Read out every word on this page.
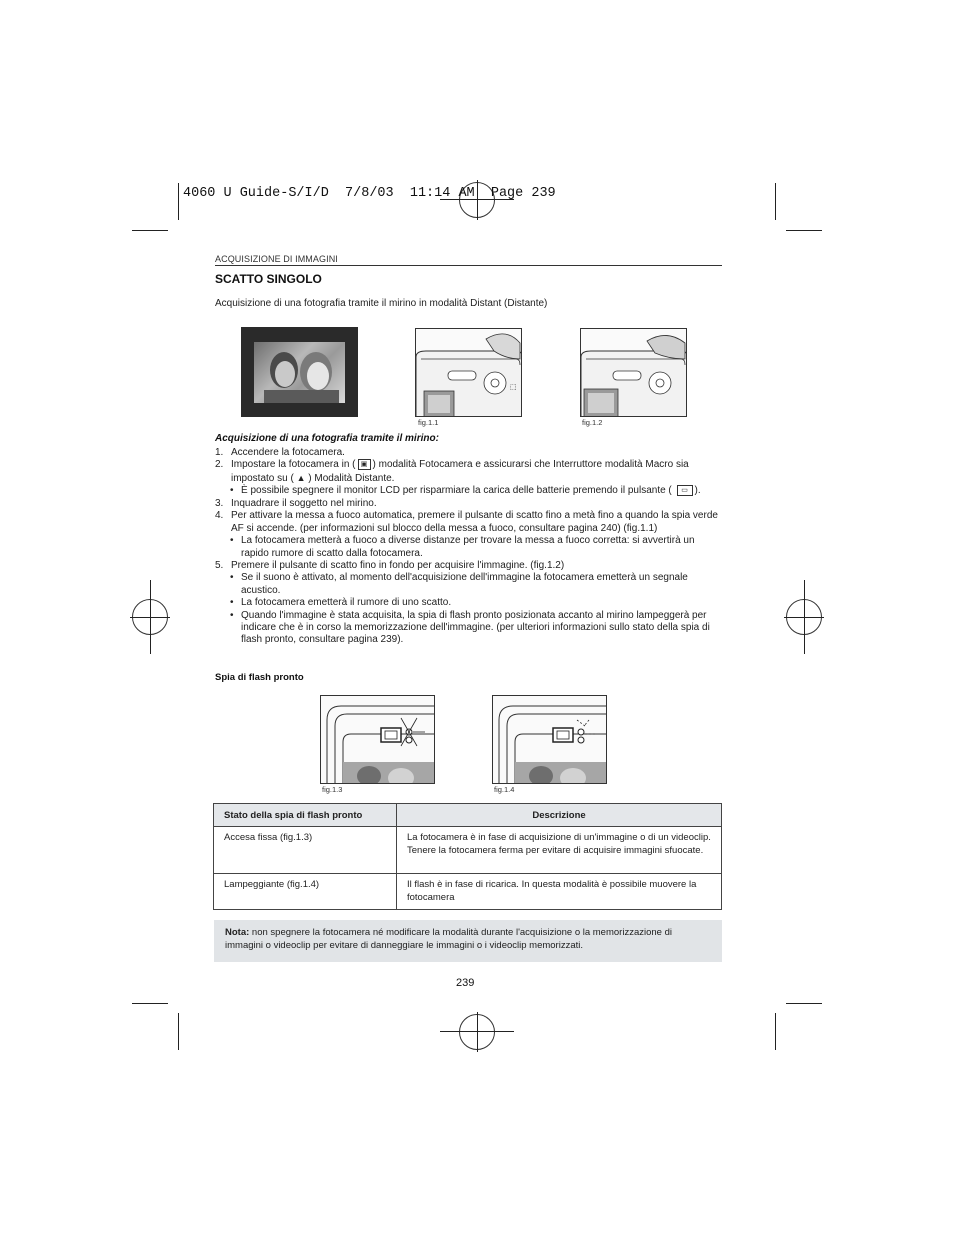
4060 U Guide-S/I/D  7/8/03  11:14 AM  Page 239
ACQUISIZIONE DI IMMAGINI
SCATTO SINGOLO
Acquisizione di una fotografia tramite il mirino in modalità Distant (Distante)
⬚
fig.1.1	fig.1.2
Acquisizione di una fotografia tramite il mirino:
1. Accendere la fotocamera.
2. Impostare la fotocamera in ( ▣ ) modalità Fotocamera e assicurarsi che Interruttore modalità Macro sia
impostato su ( ▲ ) Modalità Distante.
• È possibile spegnere il monitor LCD per risparmiare la carica delle batterie premendo il pulsante ( ▭ ).
3. Inquadrare il soggetto nel mirino.
4. Per attivare la messa a fuoco automatica, premere il pulsante di scatto fino a metà fino a quando la spia verde AF si accende. (per informazioni sul blocco della messa a fuoco, consultare pagina 240) (fig.1.1)
• La fotocamera metterà a fuoco a diverse distanze per trovare la messa a fuoco corretta: si avvertirà un rapido rumore di scatto dalla fotocamera.
5. Premere il pulsante di scatto fino in fondo per acquisire l'immagine. (fig.1.2)
• Se il suono è attivato, al momento dell'acquisizione dell'immagine la fotocamera emetterà un segnale acustico.
• La fotocamera emetterà il rumore di uno scatto.
• Quando l'immagine è stata acquisita, la spia di flash pronto posizionata accanto al mirino lampeggerà per indicare che è in corso la memorizzazione dell'immagine. (per ulteriori informazioni sullo stato della spia di flash pronto, consultare pagina 239).
Spia di flash pronto
fig.1.3	fig.1.4
Stato della spia di flash pronto	Descrizione
Accesa fissa (fig.1.3)	La fotocamera è in fase di acquisizione di un'immagine o di un videoclip. Tenere la fotocamera ferma per evitare di acquisire immagini sfuocate.
Lampeggiante (fig.1.4)	Il flash è in fase di ricarica. In questa modalità è possibile muovere la fotocamera
Nota: non spegnere la fotocamera né modificare la modalità durante l'acquisizione o la memorizzazione di immagini o videoclip per evitare di danneggiare le immagini o i videoclip memorizzati.
239
